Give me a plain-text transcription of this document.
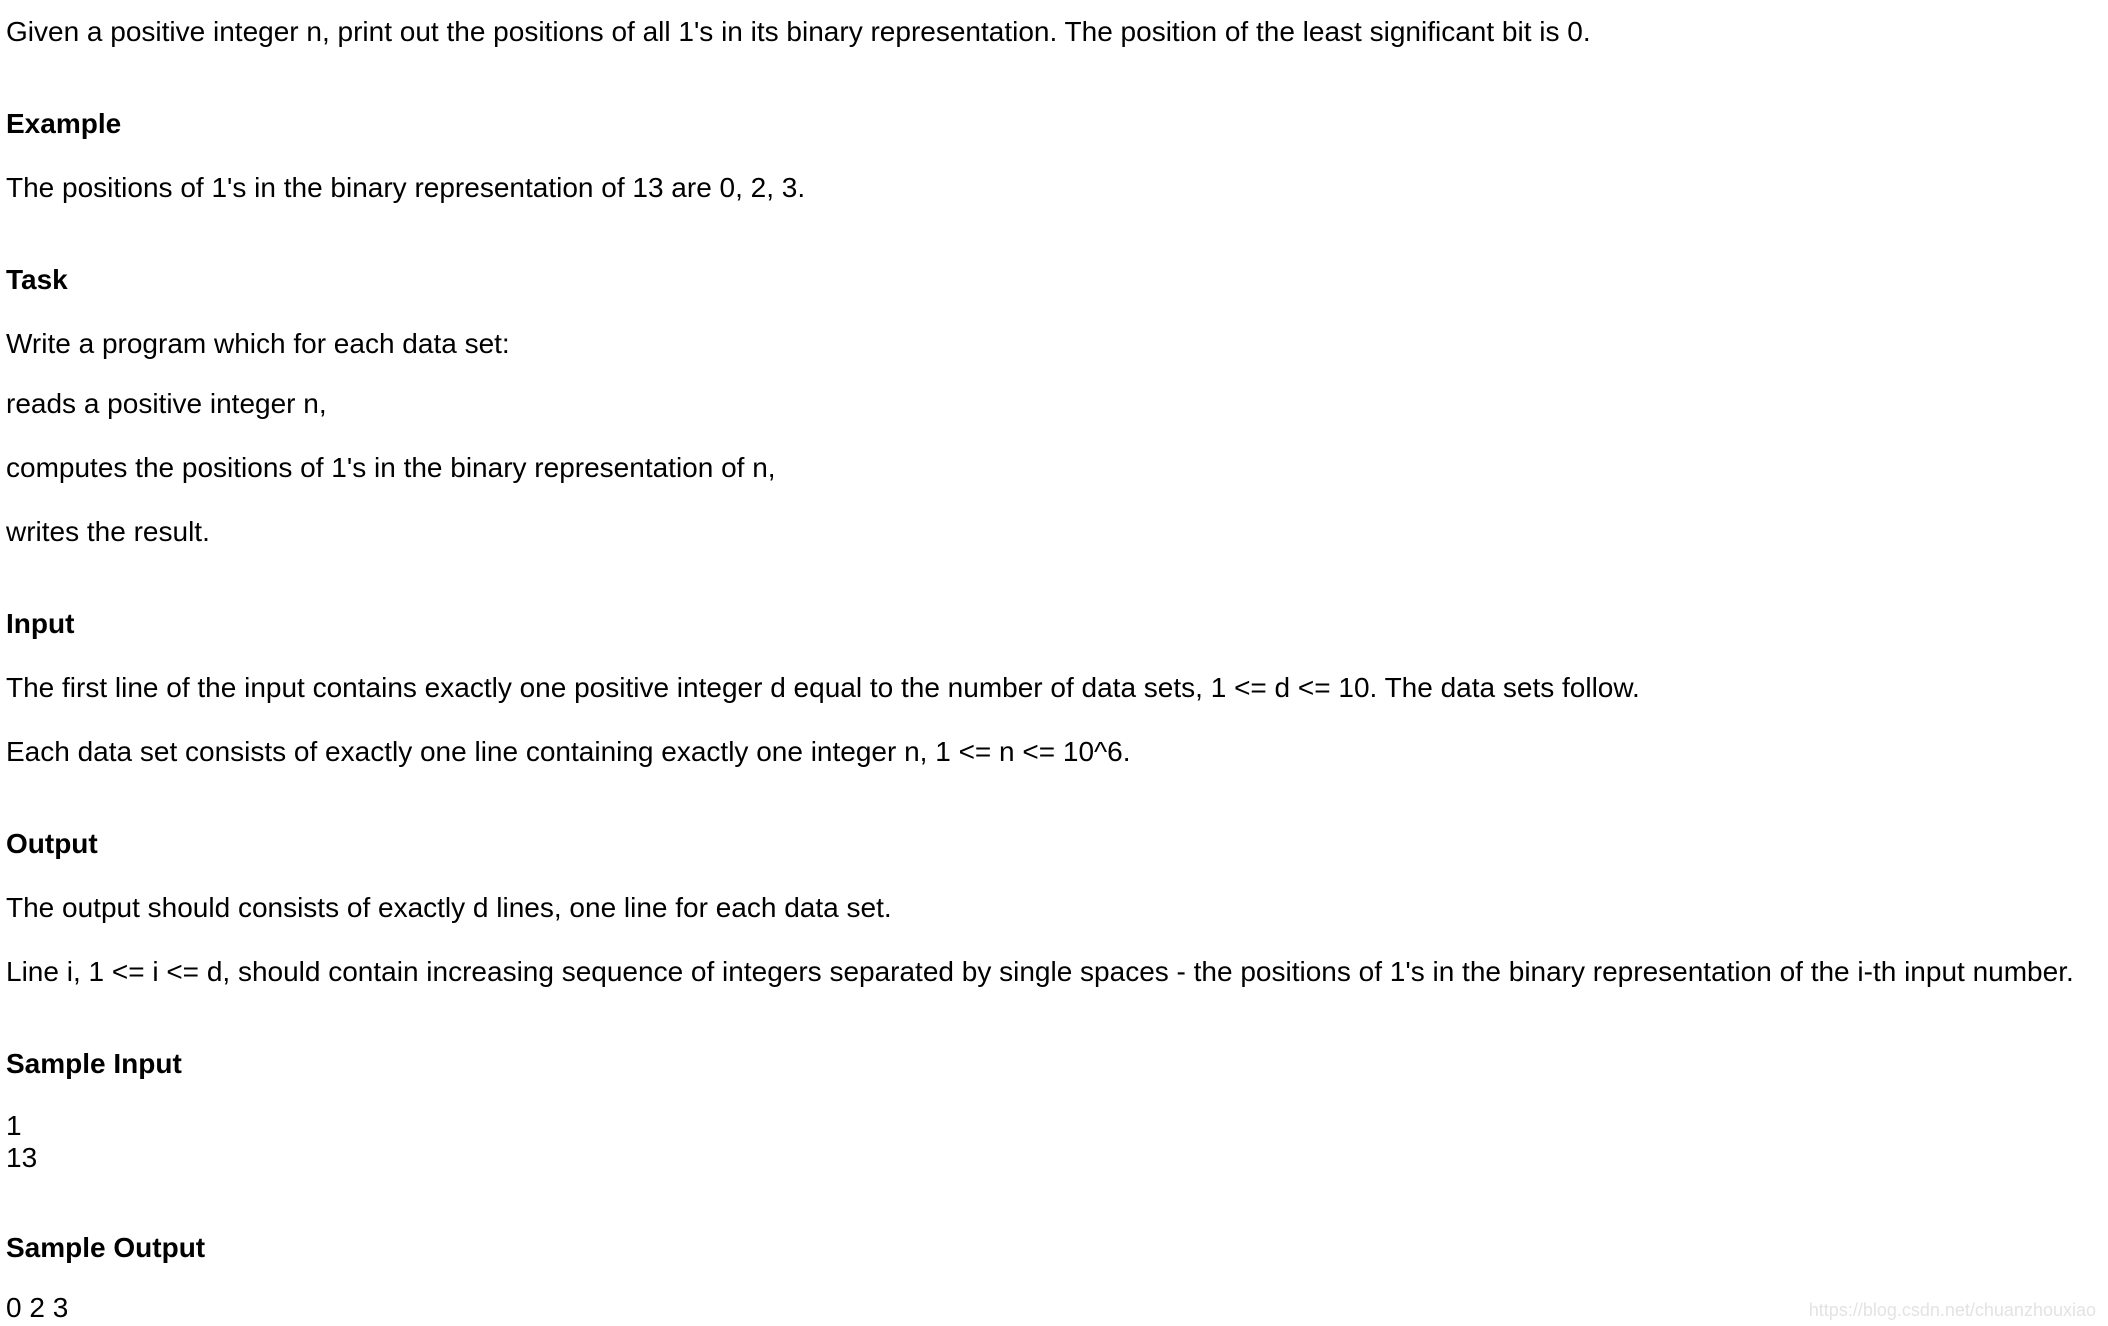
Given a positive integer n, print out the positions of all 1's in its binary representation. The position of the least significant bit is 0.
Example
The positions of 1's in the binary representation of 13 are 0, 2, 3.
Task
Write a program which for each data set:
reads a positive integer n,
computes the positions of 1's in the binary representation of n,
writes the result.
Input
The first line of the input contains exactly one positive integer d equal to the number of data sets, 1 <= d <= 10. The data sets follow.
Each data set consists of exactly one line containing exactly one integer n, 1 <= n <= 10^6.
Output
The output should consists of exactly d lines, one line for each data set.
Line i, 1 <= i <= d, should contain increasing sequence of integers separated by single spaces - the positions of 1's in the binary representation of the i-th input number.
Sample Input
1
13
Sample Output
0 2 3	https://blog.csdn.net/chuanzhouxiao
